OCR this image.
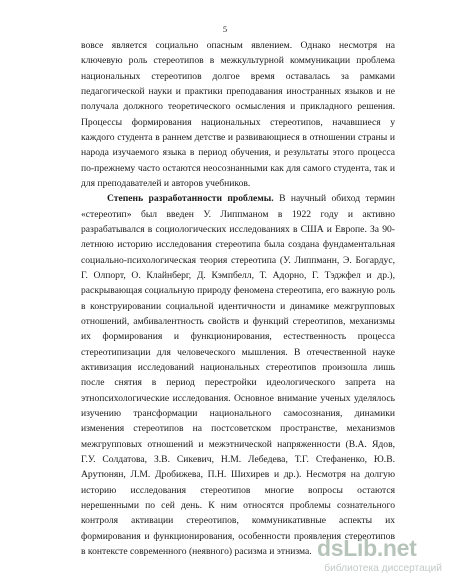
5

вовсе является социально опасным явлением. Однако несмотря на ключевую роль стереотипов в межкультурной коммуникации проблема национальных стереотипов долгое время оставалась за рамками педагогической науки и практики преподавания иностранных языков и не получала должного теоретического осмысления и прикладного решения. Процессы формирования национальных стереотипов, начавшиеся у каждого студента в раннем детстве и развивающиеся в отношении страны и народа изучаемого языка в период обучения, и результаты этого процесса по-прежнему часто остаются неосознанными как для самого студента, так и для преподавателей и авторов учебников.

Степень разработанности проблемы. В научный обиход термин «стереотип» был введен У. Липпманом в 1922 году и активно разрабатывался в социологических исследованиях в США и Европе. За 90-летнюю историю исследования стереотипа была создана фундаментальная социально-психологическая теория стереотипа (У. Липпманн, Э. Богардус, Г. Олпорт, О. Клайнберг, Д. Кэмпбелл, Т. Адорно, Г. Тэджфел и др.), раскрывающая социальную природу феномена стереотипа, его важную роль в конструировании социальной идентичности и динамике межгрупповых отношений, амбивалентность свойств и функций стереотипов, механизмы их формирования и функционирования, естественность процесса стереотипизации для человеческого мышления. В отечественной науке активизация исследований национальных стереотипов произошла лишь после снятия в период перестройки идеологического запрета на этнопсихологические исследования. Основное внимание ученых уделялось изучению трансформации национального самосознания, динамики изменения стереотипов на постсоветском пространстве, механизмов межгрупповых отношений и межэтнической напряженности (В.А. Ядов, Г.У. Солдатова, З.В. Сикевич, Н.М. Лебедева, Т.Г. Стефаненко, Ю.В. Арутюнян, Л.М. Дробижева, П.Н. Шихирев и др.). Несмотря на долгую историю исследования стереотипов многие вопросы остаются нерешенными по сей день. К ним относятся проблемы сознательного контроля активации стереотипов, коммуникативные аспекты их формирования и функционирования, особенности проявления стереотипов в контексте современного (неявного) расизма и этнизма. dsLib.net
библиотека диссертаций
